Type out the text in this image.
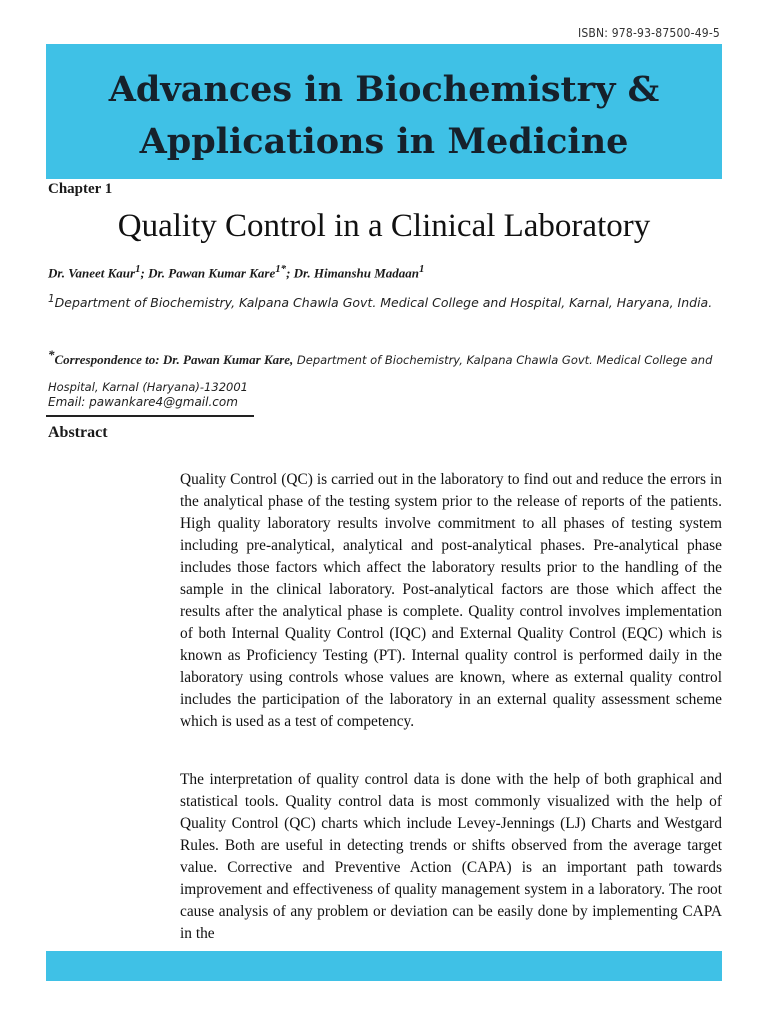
ISBN: 978-93-87500-49-5
Advances in Biochemistry &
Applications in Medicine
Chapter 1
Quality Control in a Clinical Laboratory
Dr. Vaneet Kaur$^1$; Dr. Pawan Kumar Kare$^{1*}$; Dr. Himanshu Madaan$^1$
$^1$Department of Biochemistry, Kalpana Chawla Govt. Medical College and Hospital, Karnal, Haryana, India.
*Correspondence to: Dr. Pawan Kumar Kare, Department of Biochemistry, Kalpana Chawla Govt. Medical College and Hospital, Karnal (Haryana)-132001
Email: pawankare4@gmail.com
Abstract
Quality Control (QC) is carried out in the laboratory to find out and reduce the errors in the analytical phase of the testing system prior to the release of reports of the patients. High quality laboratory results involve commitment to all phases of testing system including pre-analytical, analytical and post-analytical phases. Pre-analytical phase includes those factors which affect the laboratory results prior to the handling of the sample in the clinical laboratory. Post-analytical factors are those which affect the results after the analytical phase is complete. Quality control involves implementation of both Internal Quality Control (IQC) and External Quality Control (EQC) which is known as Proficiency Testing (PT). Internal quality control is performed daily in the laboratory using controls whose values are known, where as external quality control includes the participation of the laboratory in an external quality assessment scheme which is used as a test of competency.
The interpretation of quality control data is done with the help of both graphical and statistical tools. Quality control data is most commonly visualized with the help of Quality Control (QC) charts which include Levey-Jennings (LJ) Charts and Westgard Rules. Both are useful in detecting trends or shifts observed from the average target value. Corrective and Preventive Action (CAPA) is an important path towards improvement and effectiveness of quality management system in a laboratory. The root cause analysis of any problem or deviation can be easily done by implementing CAPA in the
